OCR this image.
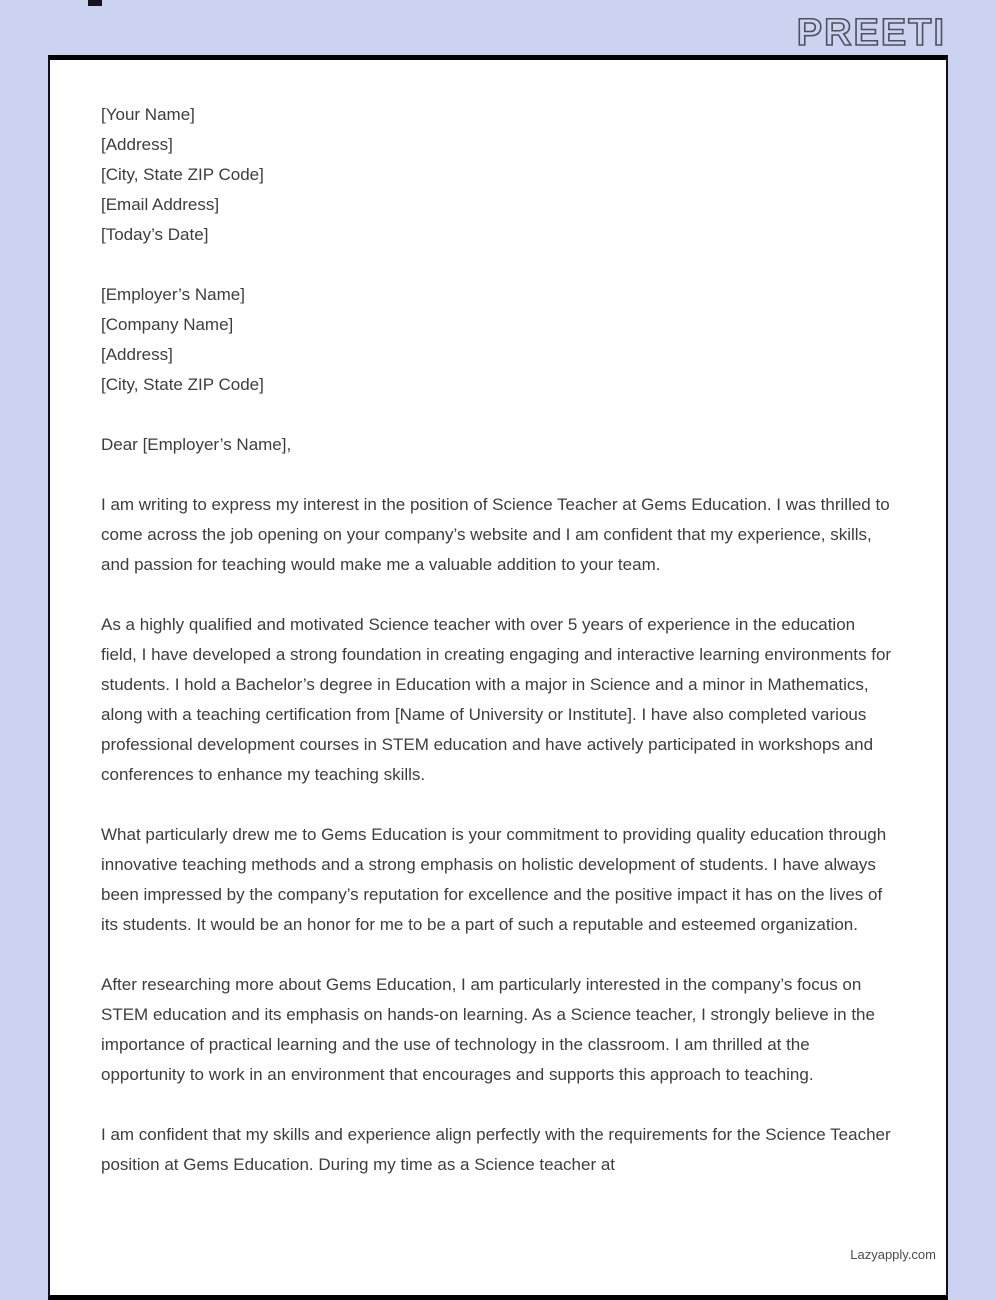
PREETI
[Your Name]
[Address]
[City, State ZIP Code]
[Email Address]
[Today’s Date]
[Employer’s Name]
[Company Name]
[Address]
[City, State ZIP Code]
Dear [Employer’s Name],

I am writing to express my interest in the position of Science Teacher at Gems Education. I was thrilled to come across the job opening on your company’s website and I am confident that my experience, skills, and passion for teaching would make me a valuable addition to your team.

As a highly qualified and motivated Science teacher with over 5 years of experience in the education field, I have developed a strong foundation in creating engaging and interactive learning environments for students. I hold a Bachelor’s degree in Education with a major in Science and a minor in Mathematics, along with a teaching certification from [Name of University or Institute]. I have also completed various professional development courses in STEM education and have actively participated in workshops and conferences to enhance my teaching skills.

What particularly drew me to Gems Education is your commitment to providing quality education through innovative teaching methods and a strong emphasis on holistic development of students. I have always been impressed by the company’s reputation for excellence and the positive impact it has on the lives of its students. It would be an honor for me to be a part of such a reputable and esteemed organization.

After researching more about Gems Education, I am particularly interested in the company’s focus on STEM education and its emphasis on hands-on learning. As a Science teacher, I strongly believe in the importance of practical learning and the use of technology in the classroom. I am thrilled at the opportunity to work in an environment that encourages and supports this approach to teaching.

I am confident that my skills and experience align perfectly with the requirements for the Science Teacher position at Gems Education. During my time as a Science teacher at

Lazyapply.com
